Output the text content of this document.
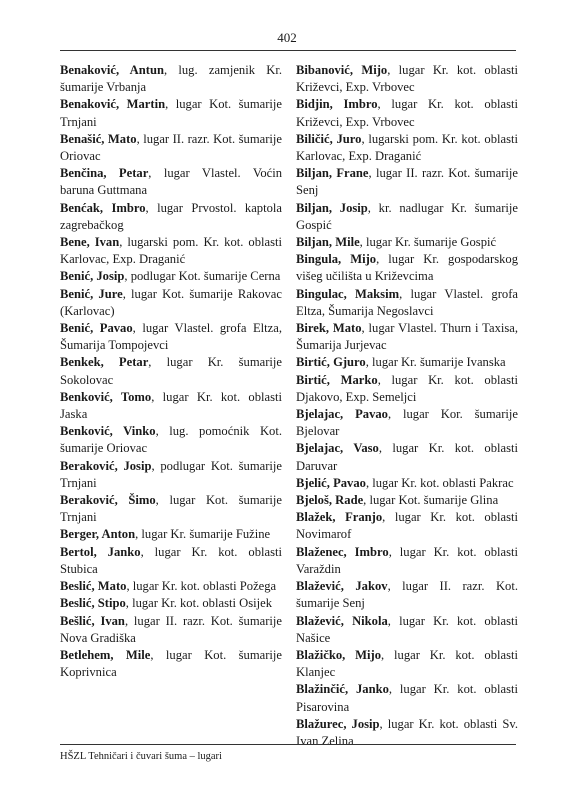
402

Benaković, Antun, lug. zamjenik Kr. šumarije Vrbanja

Benaković, Martin, lugar Kot. šumarije Trnjani

Benašić, Mato, lugar II. razr. Kot. šumarije Oriovac

Benčina, Petar, lugar Vlastel. Voćin baruna Guttmana

Benćak, Imbro, lugar Prvostol. kaptola zagrebačkog

Bene, Ivan, lugarski pom. Kr. kot. oblasti Karlovac, Exp. Draganić

Benić, Josip, podlugar Kot. šumarije Cerna

Benić, Jure, lugar Kot. šumarije Rakovac (Karlovac)

Benić, Pavao, lugar Vlastel. grofa Eltza, Šumarija Tompojevci

Benkek, Petar, lugar Kr. šumarije Sokolovac

Benković, Tomo, lugar Kr. kot. oblasti Jaska

Benković, Vinko, lug. pomoćnik Kot. šumarije Oriovac

Beraković, Josip, podlugar Kot. šumarije Trnjani

Beraković, Šimo, lugar Kot. šumarije Trnjani

Berger, Anton, lugar Kr. šumarije Fužine

Bertol, Janko, lugar Kr. kot. oblasti Stubica

Beslić, Mato, lugar Kr. kot. oblasti Požega

Beslić, Stipo, lugar Kr. kot. oblasti Osijek

Bešlić, Ivan, lugar II. razr. Kot. šumarije Nova Gradiška

Betlehem, Mile, lugar Kot. šumarije Koprivnica

Bibanović, Mijo, lugar Kr. kot. oblasti Križevci, Exp. Vrbovec

Bidjin, Imbro, lugar Kr. kot. oblasti Križevci, Exp. Vrbovec

Biličić, Juro, lugarski pom. Kr. kot. oblasti Karlovac, Exp. Draganić

Biljan, Frane, lugar II. razr. Kot. šumarije Senj

Biljan, Josip, kr. nadlugar Kr. šumarije Gospić

Biljan, Mile, lugar Kr. šumarije Gospić

Bingula, Mijo, lugar Kr. gospodarskog višeg učilišta u Križevcima

Bingulac, Maksim, lugar Vlastel. grofa Eltza, Šumarija Negoslavci

Birek, Mato, lugar Vlastel. Thurn i Taxisa, Šumarija Jurjevac

Birtić, Gjuro, lugar Kr. šumarije Ivanska

Birtić, Marko, lugar Kr. kot. oblasti Djakovo, Exp. Semeljci

Bjelajac, Pavao, lugar Kor. šumarije Bjelovar

Bjelajac, Vaso, lugar Kr. kot. oblasti Daruvar

Bjelić, Pavao, lugar Kr. kot. oblasti Pakrac

Bjeloš, Rade, lugar Kot. šumarije Glina

Blažek, Franjo, lugar Kr. kot. oblasti Novimarof

Blaženec, Imbro, lugar Kr. kot. oblasti Varaždin

Blažević, Jakov, lugar II. razr. Kot. šumarije Senj

Blažević, Nikola, lugar Kr. kot. oblasti Našice

Blažičko, Mijo, lugar Kr. kot. oblasti Klanjec

Blažinčić, Janko, lugar Kr. kot. oblasti Pisarovina

Blažurec, Josip, lugar Kr. kot. oblasti Sv. Ivan Zelina

HŠZL Tehničari i čuvari šuma – lugari
